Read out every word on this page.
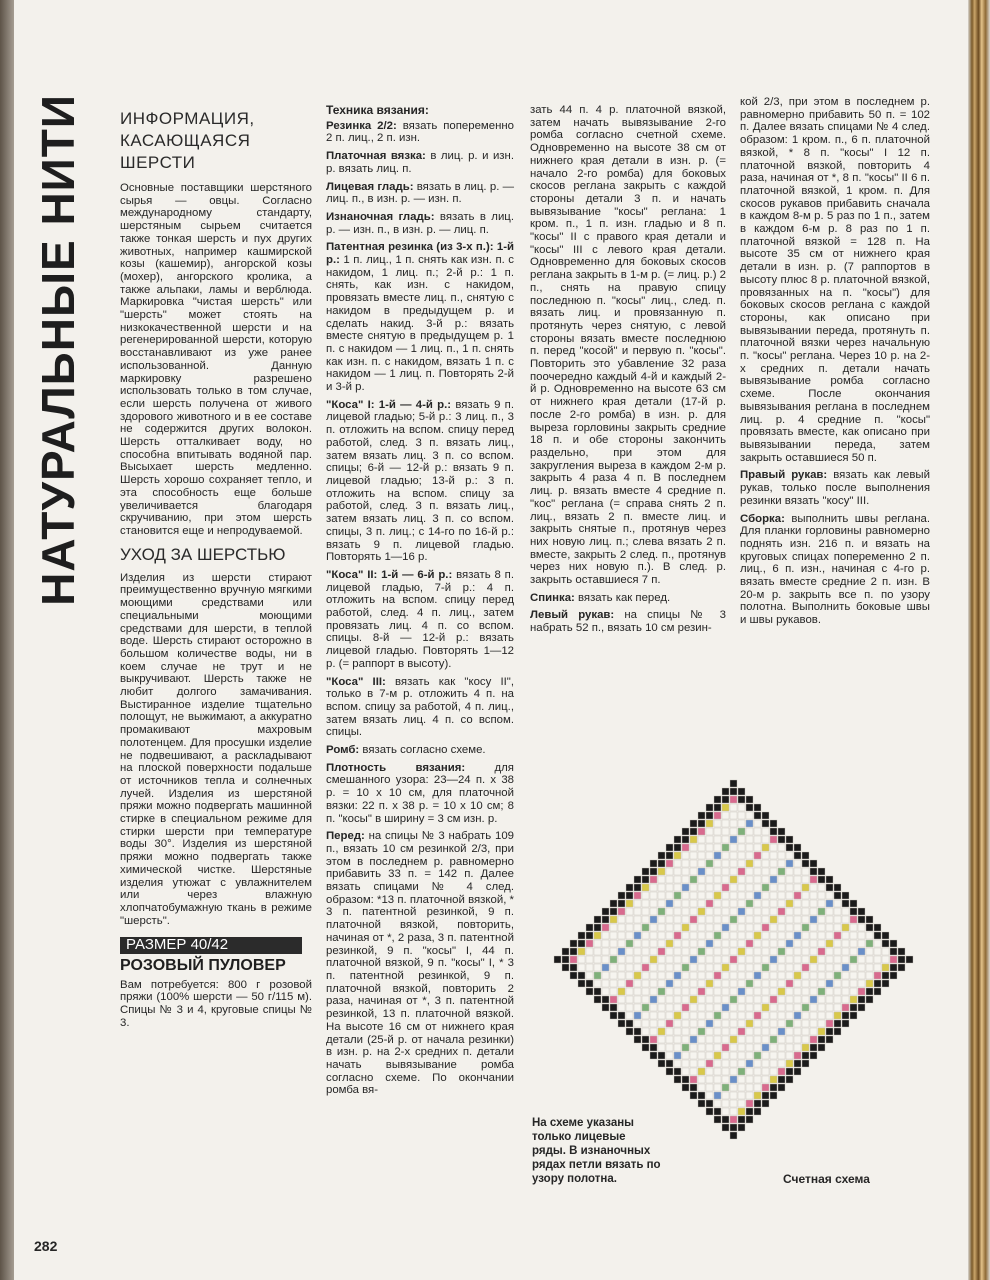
НАТУРАЛЬНЫЕ НИТИ ИНФОРМАЦИЯ,
КАСАЮЩАЯСЯ
ШЕРСТИ

Основные поставщики шерстяного сырья — овцы. Согласно международному стандарту, шерстяным сырьем считается также тонкая шерсть и пух других животных, например кашмирской козы (кашемир), ангорской козы (мохер), ангорского кролика, а также альпаки, ламы и верблюда. Маркировка "чистая шерсть" или "шерсть" может стоять на низкокачественной шерсти и на регенерированной шерсти, которую восстанавливают из уже ранее использованной. Данную маркировку разрешено использовать только в том случае, если шерсть получена от живого здорового животного и в ее составе не содержится других волокон. Шерсть отталкивает воду, но способна впитывать водяной пар. Высыхает шерсть медленно. Шерсть хорошо сохраняет тепло, и эта способность еще больше увеличивается благодаря скручиванию, при этом шерсть становится еще и непродуваемой.

УХОД ЗА ШЕРСТЬЮ

Изделия из шерсти стирают преимущественно вручную мягкими моющими средствами или специальными моющими средствами для шерсти, в теплой воде. Шерсть стирают осторожно в большом количестве воды, ни в коем случае не трут и не выкручивают. Шерсть также не любит долгого замачивания. Выстиранное изделие тщательно полощут, не выжимают, а аккуратно промакивают махровым полотенцем. Для просушки изделие не подвешивают, а раскладывают на плоской поверхности подальше от источников тепла и солнечных лучей. Изделия из шерстяной пряжи можно подвергать машинной стирке в специальном режиме для стирки шерсти при температуре воды 30°. Изделия из шерстяной пряжи можно подвергать также химической чистке. Шерстяные изделия утюжат с увлажнителем или через влажную хлопчатобумажную ткань в режиме "шерсть".

РАЗМЕР 40/42
РОЗОВЫЙ ПУЛОВЕР

Вам потребуется: 800 г розовой пряжи (100% шерсти — 50 г/115 м). Спицы № 3 и 4, круговые спицы № 3.

Техника вязания:

Резинка 2/2: вязать попеременно 2 п. лиц., 2 п. изн.

Платочная вязка: в лиц. р. и изн. р. вязать лиц. п.

Лицевая гладь: вязать в лиц. р. — лиц. п., в изн. р. — изн. п.

Изнаночная гладь: вязать в лиц. р. — изн. п., в изн. р. — лиц. п.

Патентная резинка (из 3-х п.): 1-й р.: 1 п. лиц., 1 п. снять как изн. п. с накидом, 1 лиц. п.; 2-й р.: 1 п. снять, как изн. с накидом, провязать вместе лиц. п., снятую с накидом в предыдущем р. и сделать накид. 3-й р.: вязать вместе снятую в предыдущем р. 1 п. с накидом — 1 лиц. п., 1 п. снять как изн. п. с накидом, вязать 1 п. с накидом — 1 лиц. п. Повторять 2-й и 3-й р.

"Коса" I: 1-й — 4-й р.: вязать 9 п. лицевой гладью; 5-й р.: 3 лиц. п., 3 п. отложить на вспом. спицу перед работой, след. 3 п. вязать лиц., затем вязать лиц. 3 п. со вспом. спицы; 6-й — 12-й р.: вязать 9 п. лицевой гладью; 13-й р.: 3 п. отложить на вспом. спицу за работой, след. 3 п. вязать лиц., затем вязать лиц. 3 п. со вспом. спицы, 3 п. лиц.; с 14-го по 16-й р.: вязать 9 п. лицевой гладью. Повторять 1—16 р.

"Коса" II: 1-й — 6-й р.: вязать 8 п. лицевой гладью, 7-й р.: 4 п. отложить на вспом. спицу перед работой, след. 4 п. лиц., затем провязать лиц. 4 п. со вспом. спицы. 8-й — 12-й р.: вязать лицевой гладью. Повторять 1—12 р. (= раппорт в высоту).

"Коса" III: вязать как "косу II", только в 7-м р. отложить 4 п. на вспом. спицу за работой, 4 п. лиц., затем вязать лиц. 4 п. со вспом. спицы.

Ромб: вязать согласно схеме.

Плотность вязания: для смешанного узора: 23—24 п. х 38 р. = 10 х 10 см, для платочной вязки: 22 п. х 38 р. = 10 х 10 см; 8 п. "косы" в ширину = 3 см изн. р.

Перед: на спицы № 3 набрать 109 п., вязать 10 см резинкой 2/3, при этом в последнем р. равномерно прибавить 33 п. = 142 п. Далее вязать спицами № 4 след. образом: *13 п. платочной вязкой, * 3 п. патентной резинкой, 9 п. платочной вязкой, повторить, начиная от *, 2 раза, 3 п. патентной резинкой, 9 п. "косы" I, 44 п. платочной вязкой, 9 п. "косы" I, * 3 п. патентной резинкой, 9 п. платочной вязкой, повторить 2 раза, начиная от *, 3 п. патентной резинкой, 13 п. платочной вязкой. На высоте 16 см от нижнего края детали (25-й р. от начала резинки) в изн. р. на 2-х средних п. детали начать вывязывание ромба согласно схеме. По окончании ромба вя-

зать 44 п. 4 р. платочной вязкой, затем начать вывязывание 2-го ромба согласно счетной схеме. Одновременно на высоте 38 см от нижнего края детали в изн. р. (= начало 2-го ромба) для боковых скосов реглана закрыть с каждой стороны детали 3 п. и начать вывязывание "косы" реглана: 1 кром. п., 1 п. изн. гладью и 8 п. "косы" II с правого края детали и "косы" III с левого края детали. Одновременно для боковых скосов реглана закрыть в 1-м р. (= лиц. р.) 2 п., снять на правую спицу последнюю п. "косы" лиц., след. п. вязать лиц. и провязанную п. протянуть через снятую, с левой стороны вязать вместе последнюю п. перед "косой" и первую п. "косы". Повторить это убавление 32 раза поочередно каждый 4-й и каждый 2-й р. Одновременно на высоте 63 см от нижнего края детали (17-й р. после 2-го ромба) в изн. р. для выреза горловины закрыть средние 18 п. и обе стороны закончить раздельно, при этом для закругления выреза в каждом 2-м р. закрыть 4 раза 4 п. В последнем лиц. р. вязать вместе 4 средние п. "кос" реглана (= справа снять 2 п. лиц., вязать 2 п. вместе лиц. и закрыть снятые п., протянув через них новую лиц. п.; слева вязать 2 п. вместе, закрыть 2 след. п., протянув через них новую п.). В след. р. закрыть оставшиеся 7 п.

Спинка: вязать как перед.

Левый рукав: на спицы № 3 набрать 52 п., вязать 10 см резин-

кой 2/3, при этом в последнем р. равномерно прибавить 50 п. = 102 п. Далее вязать спицами № 4 след. образом: 1 кром. п., 6 п. платочной вязкой, * 8 п. "косы" I 12 п. платочной вязкой, повторить 4 раза, начиная от *, 8 п. "косы" II 6 п. платочной вязкой, 1 кром. п. Для скосов рукавов прибавить сначала в каждом 8-м р. 5 раз по 1 п., затем в каждом 6-м р. 8 раз по 1 п. платочной вязкой = 128 п. На высоте 35 см от нижнего края детали в изн. р. (7 раппортов в высоту плюс 8 р. платочной вязкой, провязанных на п. "косы") для боковых скосов реглана с каждой стороны, как описано при вывязывании переда, протянуть п. платочной вязки через начальную п. "косы" реглана. Через 10 р. на 2-х средних п. детали начать вывязывание ромба согласно схеме. После окончания вывязывания реглана в последнем лиц. р. 4 средние п. "косы" провязать вместе, как описано при вывязывании переда, затем закрыть оставшиеся 50 п.

Правый рукав: вязать как левый рукав, только после выполнения резинки вязать "косу" III.

Сборка: выполнить швы реглана. Для планки горловины равномерно поднять изн. 216 п. и вязать на круговых спицах попеременно 2 п. лиц., 6 п. изн., начиная с 4-го р. вязать вместе средние 2 п. изн. В 20-м р. закрыть все п. по узору полотна. Выполнить боковые швы и швы рукавов.

На схеме указаны только лицевые ряды. В изнаночных рядах петли вязать по узору полотна.	Счетная схема
282
